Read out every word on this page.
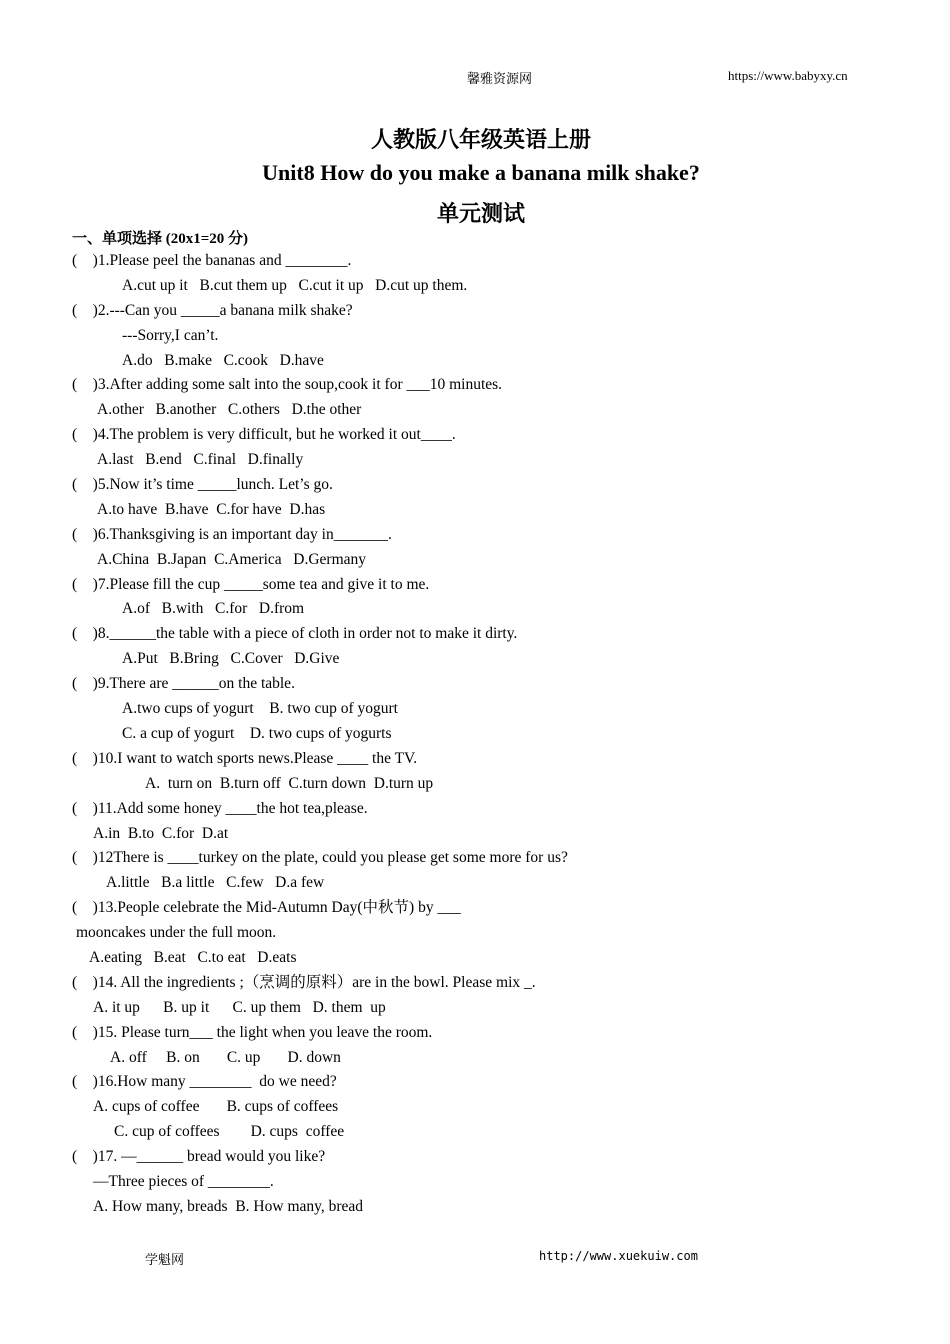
馨雅资源网	https://www.babyxy.cn
人教版八年级英语上册
Unit8 How do you make a banana milk shake?
单元测试
一、单项选择 (20x1=20 分)
(    )1.Please peel the bananas and ________.
A.cut up it   B.cut them up   C.cut it up   D.cut up them.
(    )2.---Can you _____a banana milk shake?
---Sorry,I can’t.
A.do   B.make   C.cook   D.have
(    )3.After adding some salt into the soup,cook it for ___10 minutes.
A.other   B.another   C.others   D.the other
(    )4.The problem is very difficult, but he worked it out____.
A.last   B.end   C.final   D.finally
(    )5.Now it’s time _____lunch. Let’s go.
A.to have  B.have  C.for have  D.has
(    )6.Thanksgiving is an important day in_______.
A.China  B.Japan  C.America   D.Germany
(    )7.Please fill the cup _____some tea and give it to me.
A.of   B.with   C.for   D.from
(    )8.______the table with a piece of cloth in order not to make it dirty.
A.Put   B.Bring   C.Cover   D.Give
(    )9.There are ______on the table.
A.two cups of yogurt    B. two cup of yogurt
C. a cup of yogurt    D. two cups of yogurts
(    )10.I want to watch sports news.Please ____ the TV.
A.  turn on  B.turn off  C.turn down  D.turn up
(    )11.Add some honey ____the hot tea,please.
A.in  B.to  C.for  D.at
(    )12There is ____turkey on the plate, could you please get some more for us?
A.little   B.a little   C.few   D.a few
(    )13.People celebrate the Mid-Autumn Day(中秋节) by ___
mooncakes under the full moon.
A.eating   B.eat   C.to eat   D.eats
(    )14. All the ingredients ;（烹调的原料）are in the bowl. Please mix _.
A. it up      B. up it      C. up them   D. them  up
(    )15. Please turn___ the light when you leave the room.
A. off     B. on       C. up       D. down
(    )16.How many ________  do we need?
A. cups of coffee       B. cups of coffees
C. cup of coffees        D. cups  coffee
(    )17. —______ bread would you like?
—Three pieces of ________.
A. How many, breads  B. How many, bread
学魁网	http://www.xuekuiw.com
